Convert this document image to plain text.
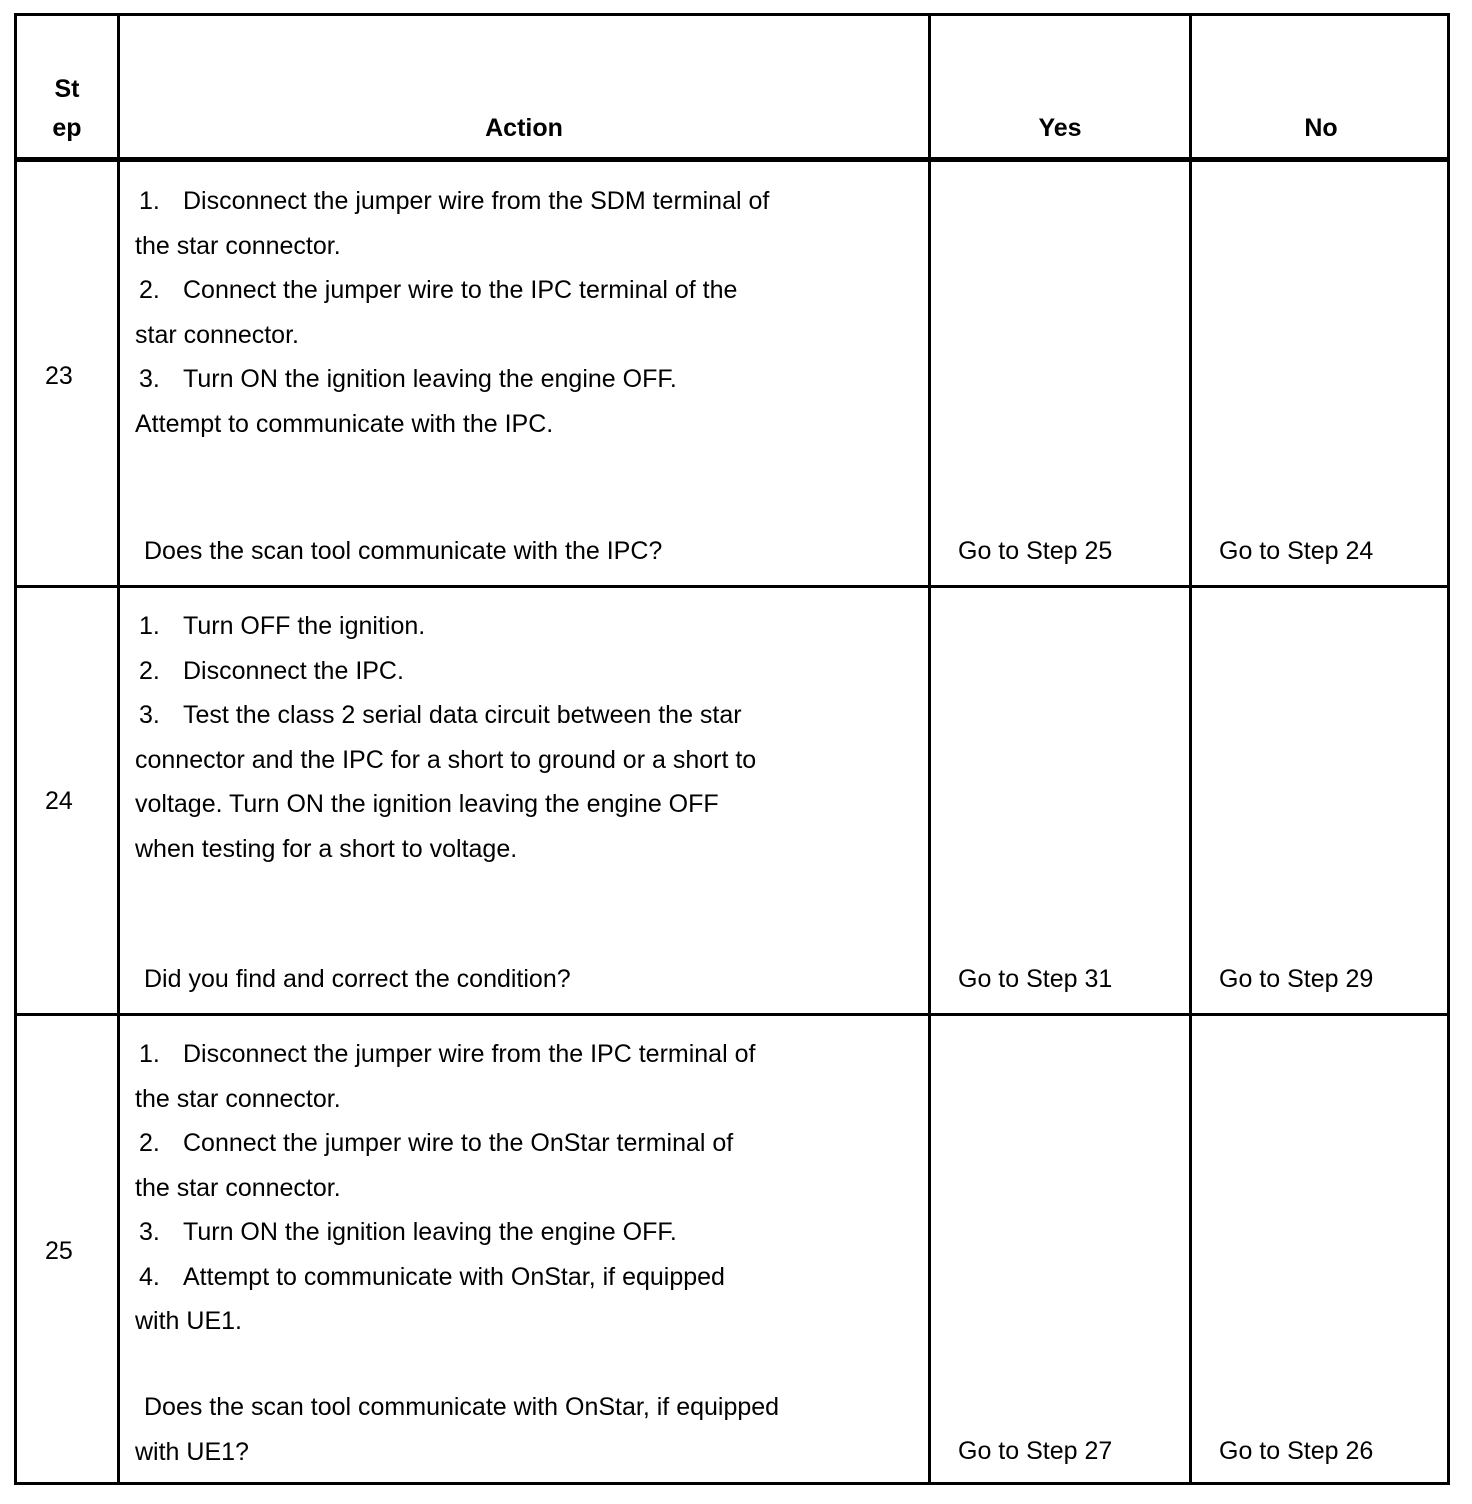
St
ep	Action	Yes	No
23
1. Disconnect the jumper wire from the SDM terminal of
the star connector.
2. Connect the jumper wire to the IPC terminal of the
star connector.
3. Turn ON the ignition leaving the engine OFF.
Attempt to communicate with the IPC.
Does the scan tool communicate with the IPC?	Go to Step 25	Go to Step 24
24
1. Turn OFF the ignition.
2. Disconnect the IPC.
3. Test the class 2 serial data circuit between the star
connector and the IPC for a short to ground or a short to
voltage. Turn ON the ignition leaving the engine OFF
when testing for a short to voltage.
Did you find and correct the condition?	Go to Step 31	Go to Step 29
25
1. Disconnect the jumper wire from the IPC terminal of
the star connector.
2. Connect the jumper wire to the OnStar terminal of
the star connector.
3. Turn ON the ignition leaving the engine OFF.
4. Attempt to communicate with OnStar, if equipped
with UE1.
Does the scan tool communicate with OnStar, if equipped
with UE1?	Go to Step 27	Go to Step 26
